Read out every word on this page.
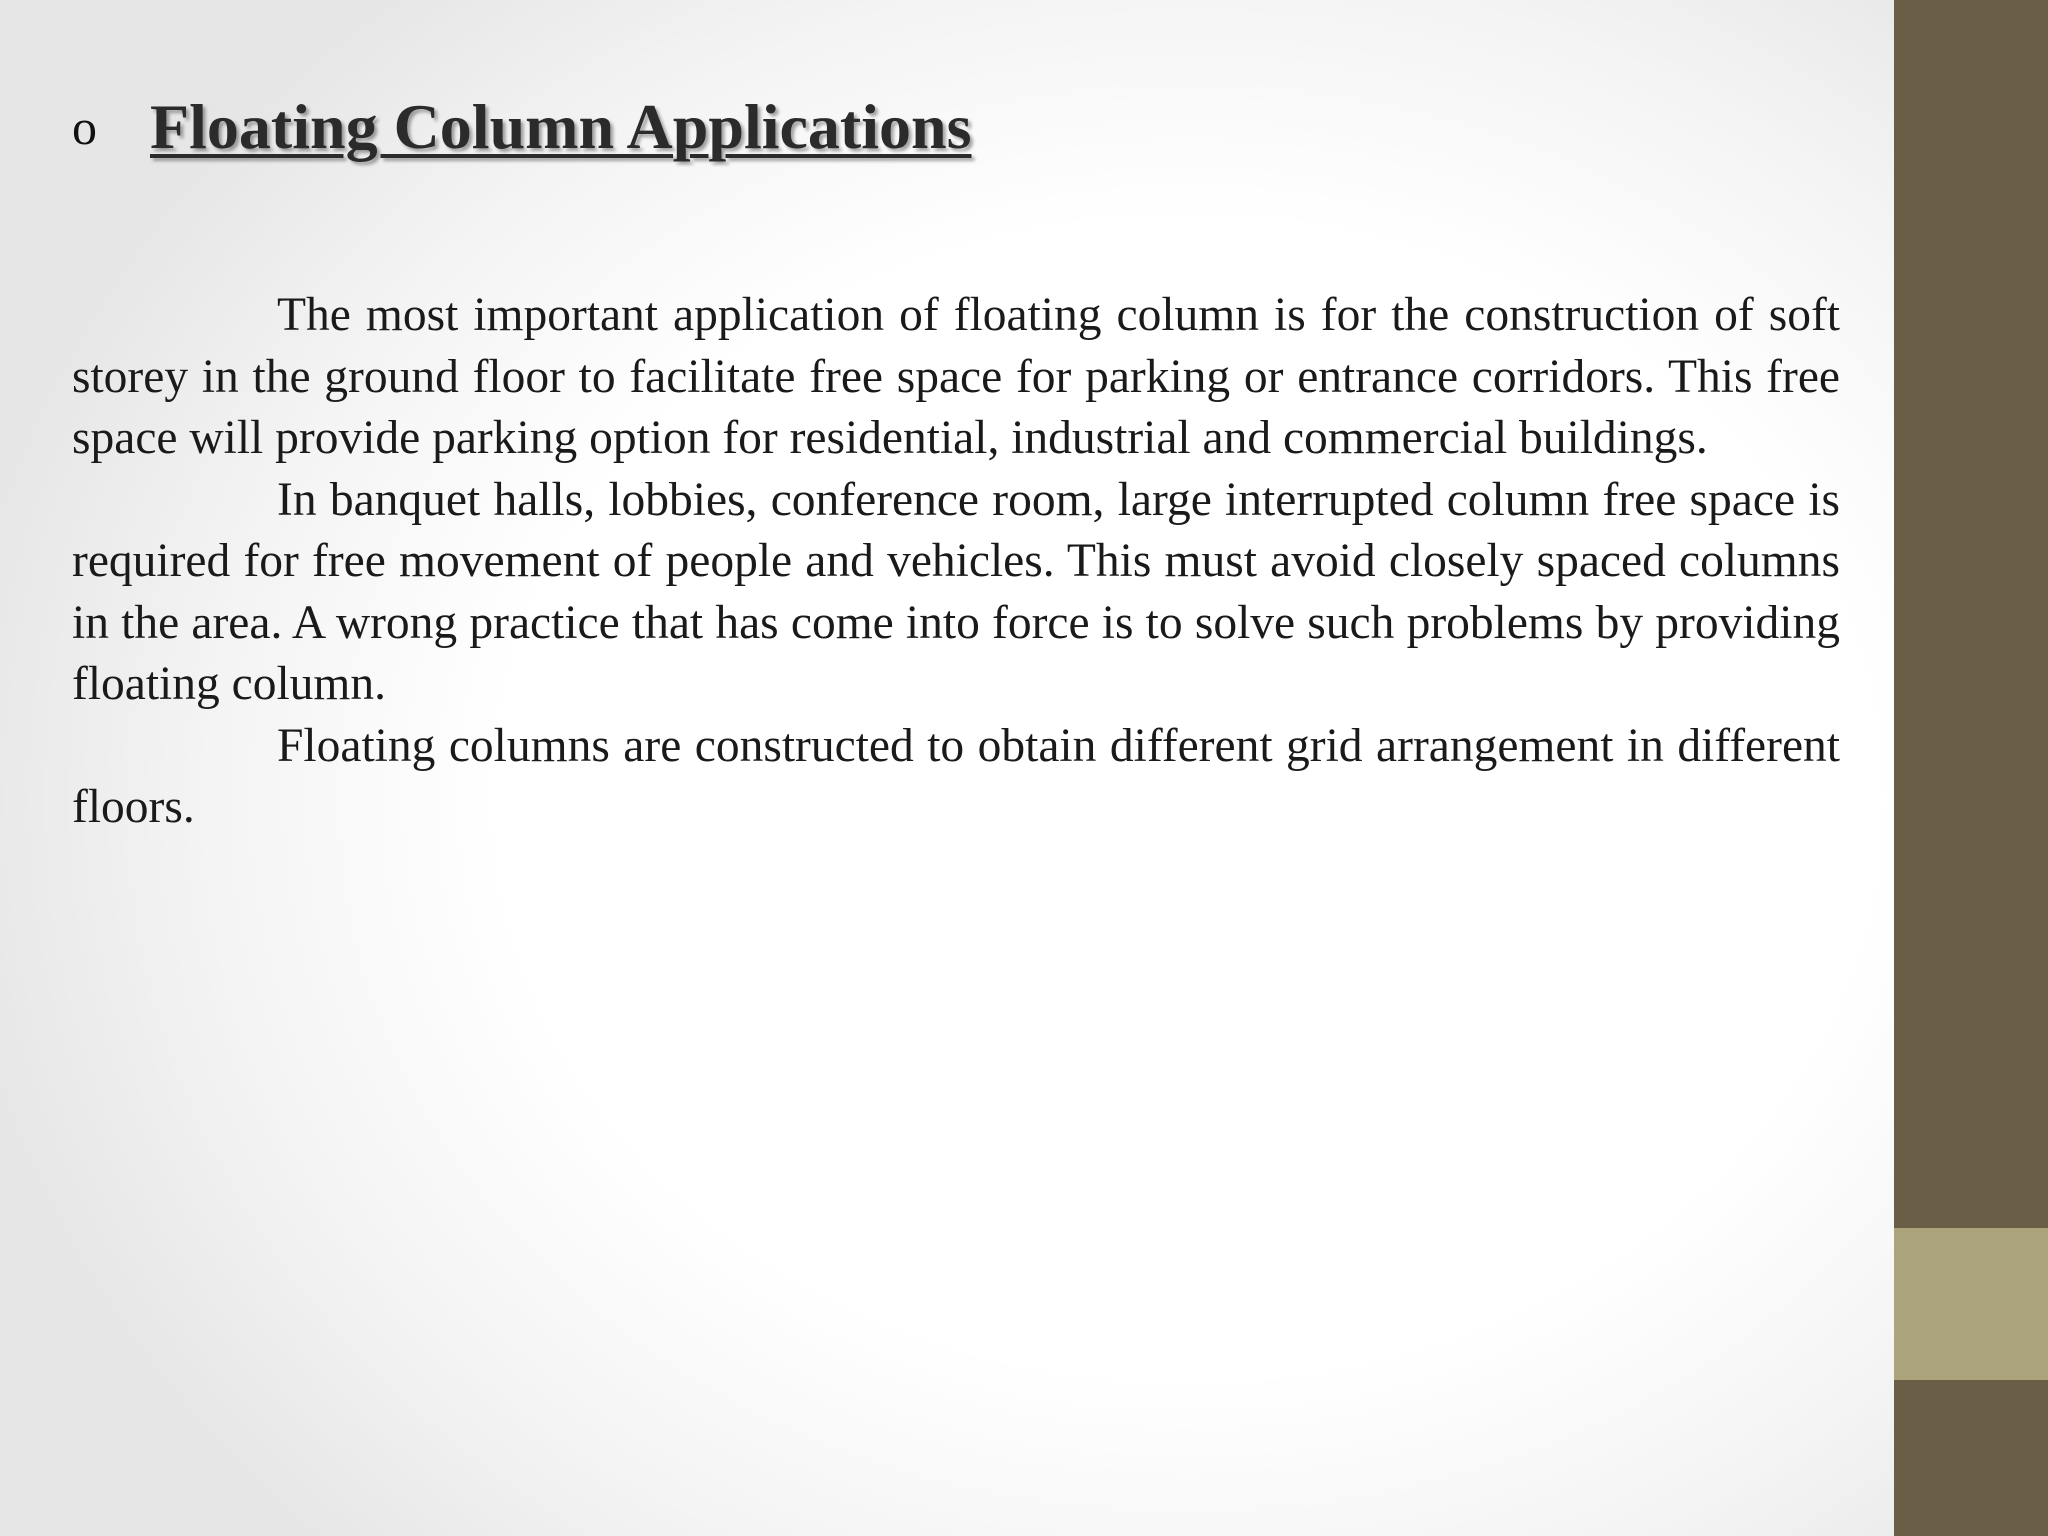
o Floating Column Applications

The most important application of floating column is for the construction of soft storey in the ground floor to facilitate free space for parking or entrance corridors. This free space will provide parking option for residential, industrial and commercial buildings.

In banquet halls, lobbies, conference room, large interrupted column free space is required for free movement of people and vehicles. This must avoid closely spaced columns in the area. A wrong practice that has come into force is to solve such problems by providing floating column.

Floating columns are constructed to obtain different grid arrangement in different floors.
